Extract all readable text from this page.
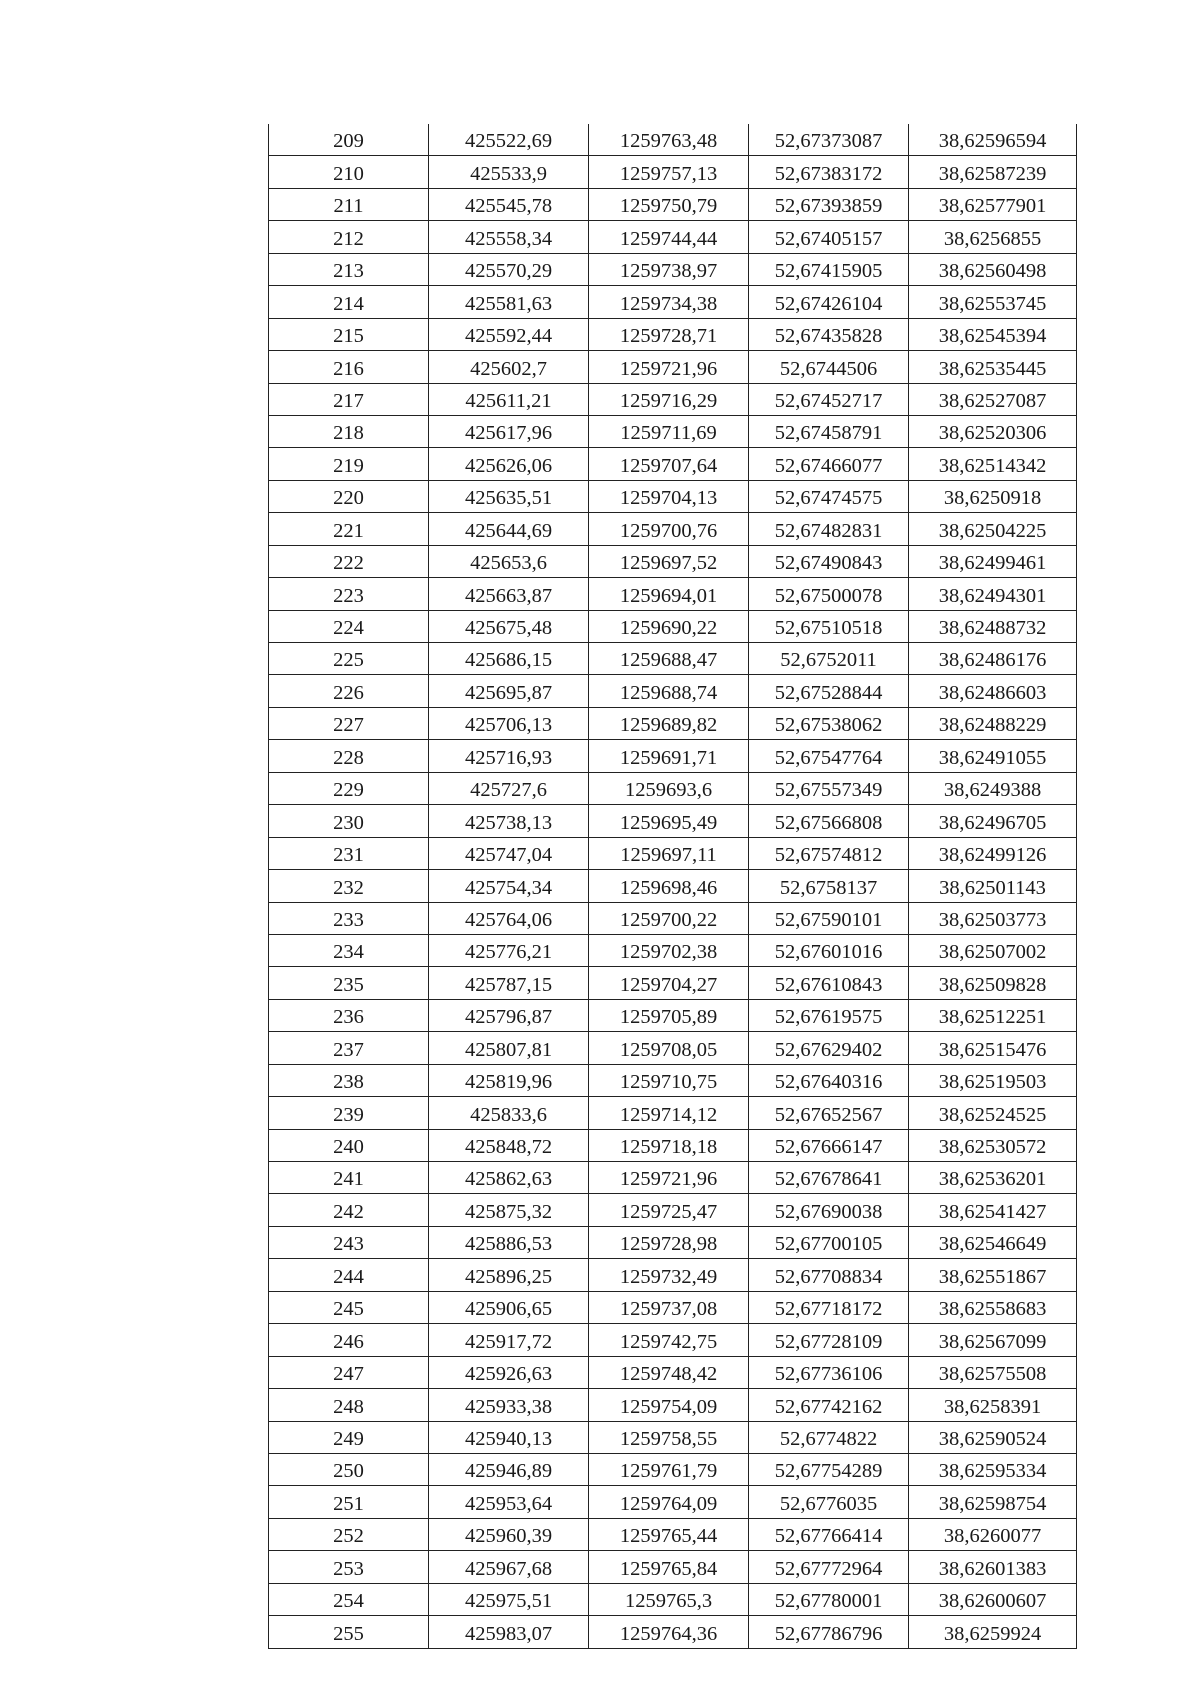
209	425522,69	1259763,48	52,67373087	38,62596594
210	425533,9	1259757,13	52,67383172	38,62587239
211	425545,78	1259750,79	52,67393859	38,62577901
212	425558,34	1259744,44	52,67405157	38,6256855
213	425570,29	1259738,97	52,67415905	38,62560498
214	425581,63	1259734,38	52,67426104	38,62553745
215	425592,44	1259728,71	52,67435828	38,62545394
216	425602,7	1259721,96	52,6744506	38,62535445
217	425611,21	1259716,29	52,67452717	38,62527087
218	425617,96	1259711,69	52,67458791	38,62520306
219	425626,06	1259707,64	52,67466077	38,62514342
220	425635,51	1259704,13	52,67474575	38,6250918
221	425644,69	1259700,76	52,67482831	38,62504225
222	425653,6	1259697,52	52,67490843	38,62499461
223	425663,87	1259694,01	52,67500078	38,62494301
224	425675,48	1259690,22	52,67510518	38,62488732
225	425686,15	1259688,47	52,6752011	38,62486176
226	425695,87	1259688,74	52,67528844	38,62486603
227	425706,13	1259689,82	52,67538062	38,62488229
228	425716,93	1259691,71	52,67547764	38,62491055
229	425727,6	1259693,6	52,67557349	38,6249388
230	425738,13	1259695,49	52,67566808	38,62496705
231	425747,04	1259697,11	52,67574812	38,62499126
232	425754,34	1259698,46	52,6758137	38,62501143
233	425764,06	1259700,22	52,67590101	38,62503773
234	425776,21	1259702,38	52,67601016	38,62507002
235	425787,15	1259704,27	52,67610843	38,62509828
236	425796,87	1259705,89	52,67619575	38,62512251
237	425807,81	1259708,05	52,67629402	38,62515476
238	425819,96	1259710,75	52,67640316	38,62519503
239	425833,6	1259714,12	52,67652567	38,62524525
240	425848,72	1259718,18	52,67666147	38,62530572
241	425862,63	1259721,96	52,67678641	38,62536201
242	425875,32	1259725,47	52,67690038	38,62541427
243	425886,53	1259728,98	52,67700105	38,62546649
244	425896,25	1259732,49	52,67708834	38,62551867
245	425906,65	1259737,08	52,67718172	38,62558683
246	425917,72	1259742,75	52,67728109	38,62567099
247	425926,63	1259748,42	52,67736106	38,62575508
248	425933,38	1259754,09	52,67742162	38,6258391
249	425940,13	1259758,55	52,6774822	38,62590524
250	425946,89	1259761,79	52,67754289	38,62595334
251	425953,64	1259764,09	52,6776035	38,62598754
252	425960,39	1259765,44	52,67766414	38,6260077
253	425967,68	1259765,84	52,67772964	38,62601383
254	425975,51	1259765,3	52,67780001	38,62600607
255	425983,07	1259764,36	52,67786796	38,6259924
